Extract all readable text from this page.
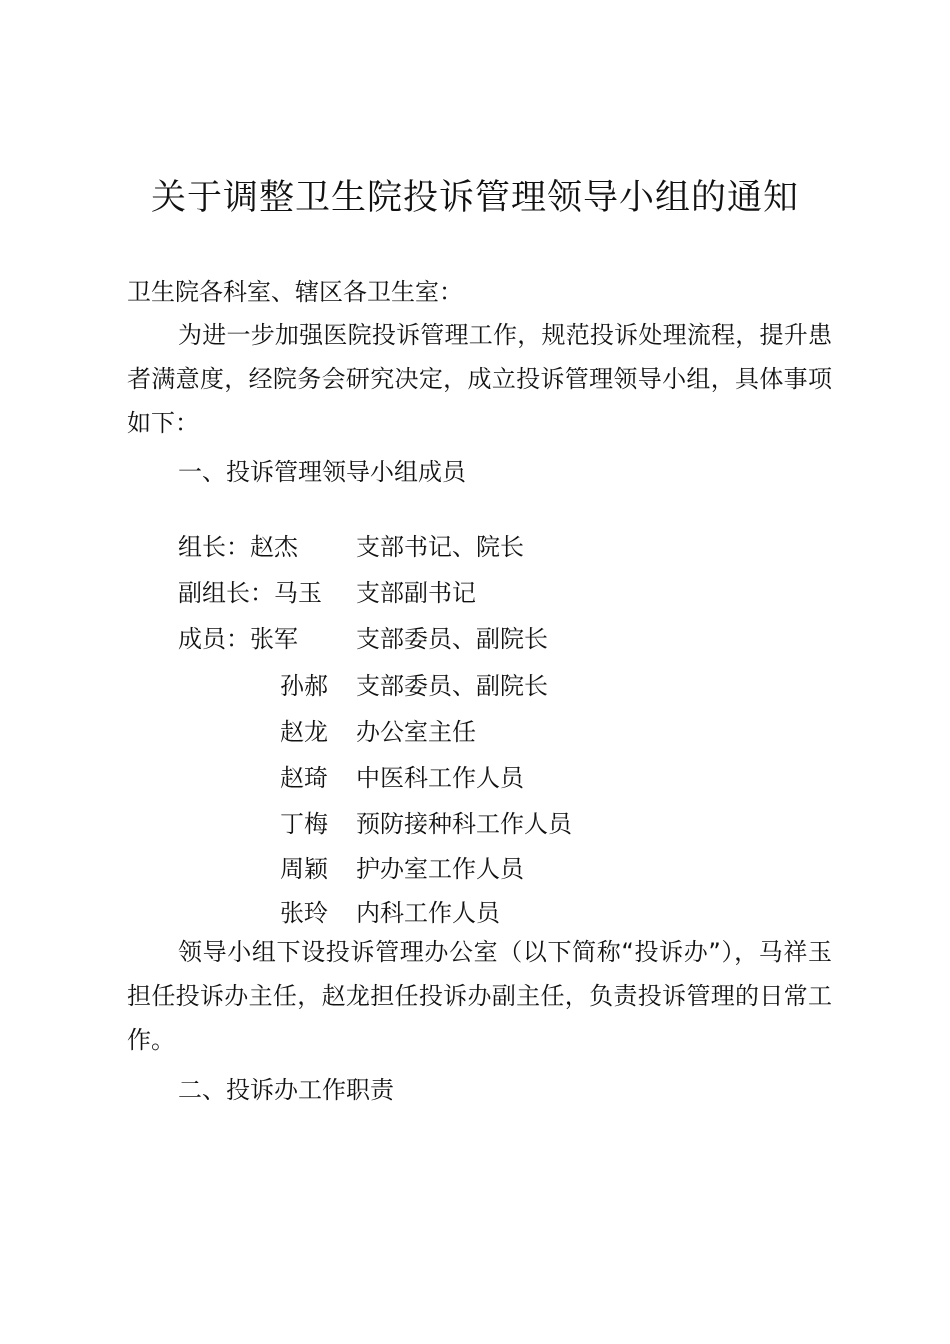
关于调整卫生院投诉管理领导小组的通知
卫生院各科室、辖区各卫生室：
为进一步加强医院投诉管理工作，规范投诉处理流程，提升患者满意度，经院务会研究决定，成立投诉管理领导小组，具体事项如下：
一、投诉管理领导小组成员
组长：赵杰 支部书记、院长
副组长：马玉 支部副书记
成员：张军 支部委员、副院长
孙郝 支部委员、副院长
赵龙 办公室主任
赵琦 中医科工作人员
丁梅 预防接种科工作人员
周颖 护办室工作人员
张玲 内科工作人员
领导小组下设投诉管理办公室（以下简称“投诉办”），马祥玉担任投诉办主任，赵龙担任投诉办副主任，负责投诉管理的日常工作。
二、投诉办工作职责
